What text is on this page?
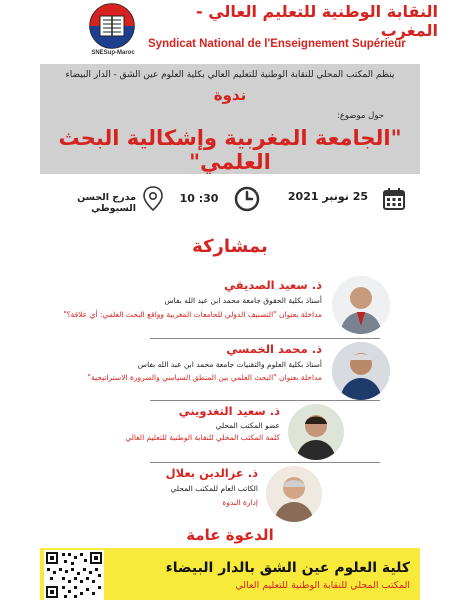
النقابة الوطنية للتعليم العالي - المغرب
SNESup-Maroc
Syndicat National de l'Enseignement Supérieur
ينظم المكتب المحلي للنقابة الوطنية للتعليم العالي بكلية العلوم عين الشق - الدار البيضاء
ندوة
حول موضوع:
"الجامعة المغربية وإشكالية البحث العلمي"
25 نونبر 2021
10 :30
مدرج الحسن السيوطي
بمشاركة
ذ. سعيد الصديقي
أستاذ بكلية الحقوق جامعة محمد ابن عبد الله بفاس
مداخلة بعنوان "التصنيف الدولي للجامعات المغربية وواقع البحث العلمي: أي علاقة؟"
ذ. محمد الخمسي
أستاذ بكلية العلوم والتقنيات جامعة محمد ابن عبد الله بفاس
مداخلة بعنوان "البحث العلمي بين المنطق السياسي والضرورة الاستراتيجية"
ذ. سعيد التغدويني
عضو المكتب المحلي
كلمة المكتب المحلي للنقابة الوطنية للتعليم العالي
ذ. عزالدين بعلال
الكاتب العام للمكتب المحلي
إدارة الندوة
الدعوة عامة
كلية العلوم عين الشق بالدار البيضاء
المكتب المحلي للنقابة الوطنية للتعليم العالي
